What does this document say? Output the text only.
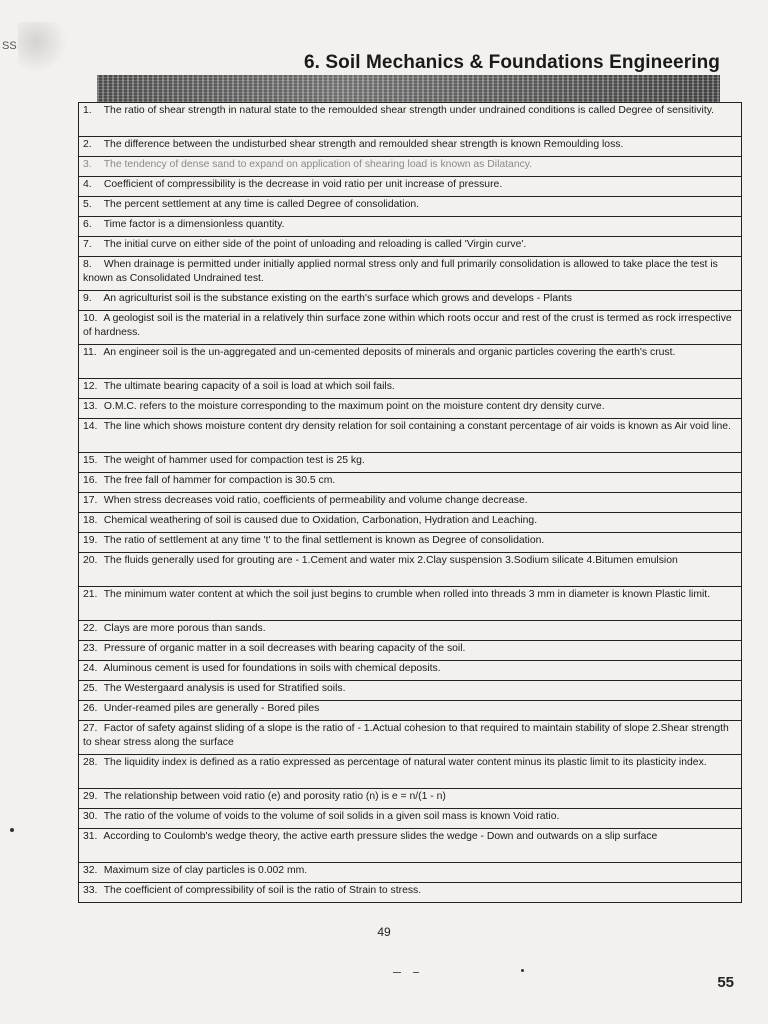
SS
6. Soil Mechanics & Foundations Engineering
1. The ratio of shear strength in natural state to the remoulded shear strength under undrained conditions is called Degree of sensitivity.
2. The difference between the undisturbed shear strength and remoulded shear strength is known Remoulding loss.
3. The tendency of dense sand to expand on application of shearing load is known as Dilatancy.
4. Coefficient of compressibility is the decrease in void ratio per unit increase of pressure.
5. The percent settlement at any time is called Degree of consolidation.
6. Time factor is a dimensionless quantity.
7. The initial curve on either side of the point of unloading and reloading is called 'Virgin curve'.
8. When drainage is permitted under initially applied normal stress only and full primarily consolidation is allowed to take place the test is known as Consolidated Undrained test.
9. An agriculturist soil is the substance existing on the earth's surface which grows and develops - Plants
10. A geologist soil is the material in a relatively thin surface zone within which roots occur and rest of the crust is termed as rock irrespective of hardness.
11. An engineer soil is the un-aggregated and un-cemented deposits of minerals and organic particles covering the earth's crust.
12. The ultimate bearing capacity of a soil is load at which soil fails.
13. O.M.C. refers to the moisture corresponding to the maximum point on the moisture content dry density curve.
14. The line which shows moisture content dry density relation for soil containing a constant percentage of air voids is known as Air void line.
15. The weight of hammer used for compaction test is 25 kg.
16. The free fall of hammer for compaction is 30.5 cm.
17. When stress decreases void ratio, coefficients of permeability and volume change decrease.
18. Chemical weathering of soil is caused due to Oxidation, Carbonation, Hydration and Leaching.
19. The ratio of settlement at any time 't' to the final settlement is known as Degree of consolidation.
20. The fluids generally used for grouting are - 1.Cement and water mix 2.Clay suspension 3.Sodium silicate 4.Bitumen emulsion
21. The minimum water content at which the soil just begins to crumble when rolled into threads 3 mm in diameter is known Plastic limit.
22. Clays are more porous than sands.
23. Pressure of organic matter in a soil decreases with bearing capacity of the soil.
24. Aluminous cement is used for foundations in soils with chemical deposits.
25. The Westergaard analysis is used for Stratified soils.
26. Under-reamed piles are generally - Bored piles
27. Factor of safety against sliding of a slope is the ratio of - 1.Actual cohesion to that required to maintain stability of slope 2.Shear strength to shear stress along the surface
28. The liquidity index is defined as a ratio expressed as percentage of natural water content minus its plastic limit to its plasticity index.
29. The relationship between void ratio (e) and porosity ratio (n) is e = n/(1 - n)
30. The ratio of the volume of voids to the volume of soil solids in a given soil mass is known Void ratio.
31. According to Coulomb's wedge theory, the active earth pressure slides the wedge - Down and outwards on a slip surface
32. Maximum size of clay particles is 0.002 mm.
33. The coefficient of compressibility of soil is the ratio of Strain to stress.
49
55
